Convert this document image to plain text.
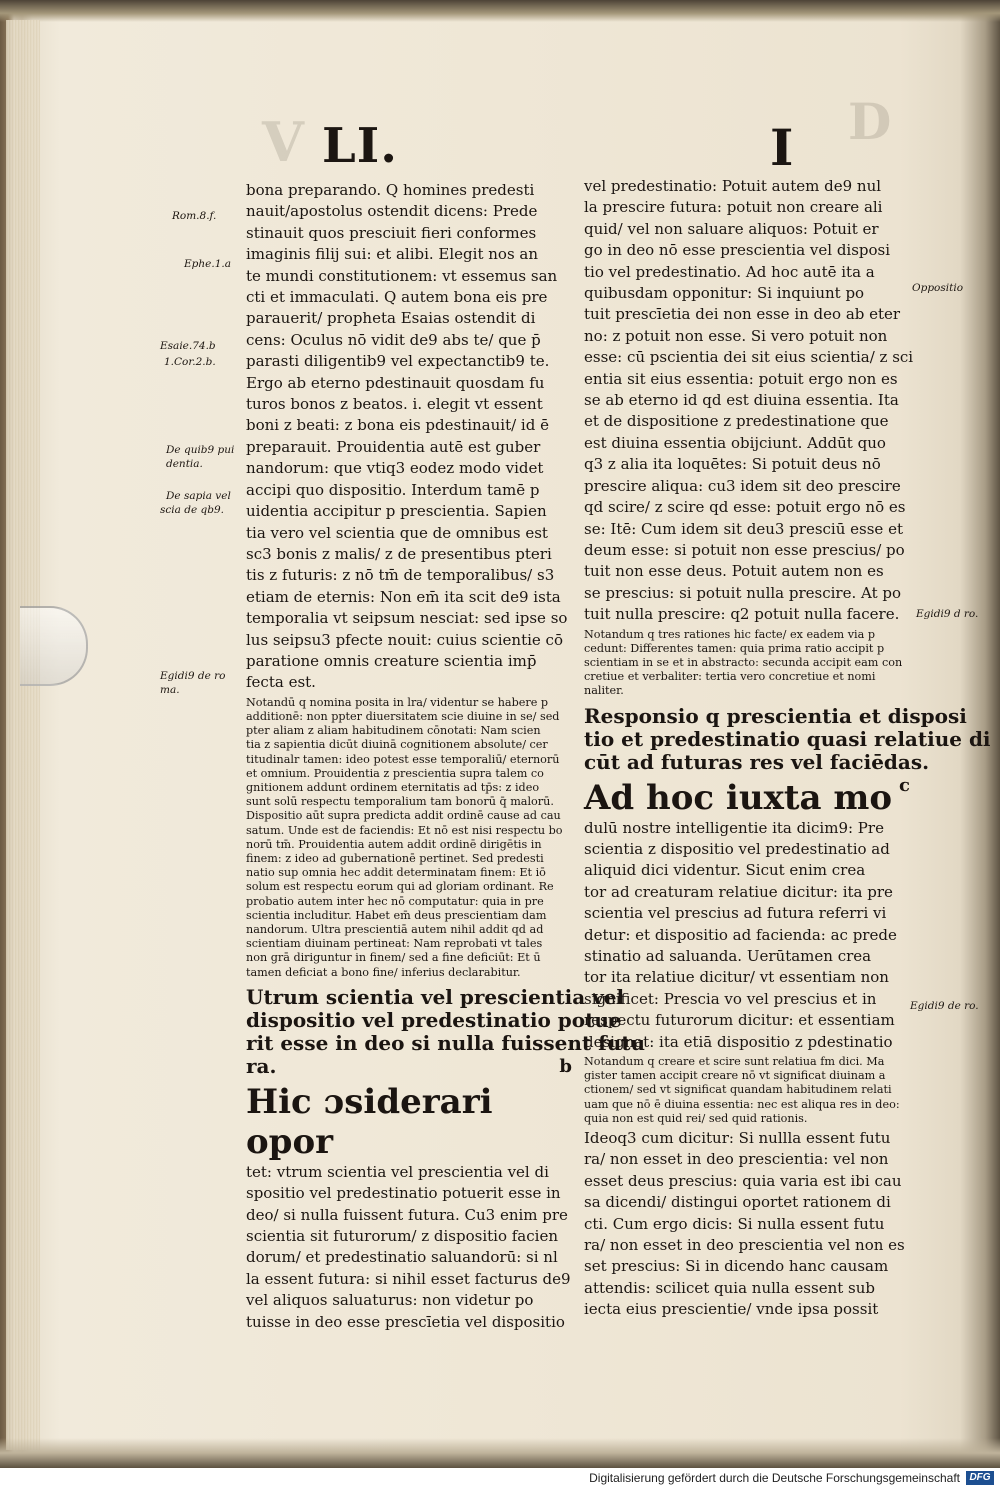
V	D
LI.	I
Rom.8.f.
Ephe.1.a
Esaie.74.b
1.Cor.2.b.
De quib9 pui
dentia.
De sapia vel
scia de qb9.
Egidi9 de ro
ma.
Oppositio
Egidi9 d ro.
Egidi9 de ro.
bona preparando. Q homines predesti
nauit/apostolus ostendit dicens: Prede
stinauit quos presciuit fieri conformes
imaginis filij sui: et alibi. Elegit nos an
te mundi constitutionem: vt essemus san
cti et immaculati. Q autem bona eis pre
parauerit/ propheta Esaias ostendit di
cens: Oculus nō vidit de9 abs te/ que p̄
parasti diligentib9 vel expectanctib9 te.
Ergo ab eterno pdestinauit quosdam fu
turos bonos z beatos. i. elegit vt essent
boni z beati: z bona eis pdestinauit/ id ē
preparauit. Prouidentia autē est guber
nandorum: que vtiq3 eodez modo videt
accipi quo dispositio. Interdum tamē p
uidentia accipitur p prescientia. Sapien
tia vero vel scientia que de omnibus est
sc3 bonis z malis/ z de presentibus pteri
tis z futuris: z nō tm̄ de temporalibus/ s3
etiam de eternis: Non em̄ ita scit de9 ista
temporalia vt seipsum nesciat: sed ipse so
lus seipsu3 pfecte nouit: cuius scientie cō
paratione omnis creature scientia imp̄
fecta est.
Notandū q nomina posita in lra/ videntur se habere p
additionē: non ppter diuersitatem scie diuine in se/ sed
pter aliam z aliam habitudinem cōnotati: Nam scien
tia z sapientia dicūt diuinā cognitionem absolute/ cer
titudinalr tamen: ideo potest esse temporaliū/ eternorū
et omnium. Prouidentia z prescientia supra talem co
gnitionem addunt ordinem eternitatis ad tp̄s: z ideo
sunt solū respectu temporalium tam bonorū q̄ malorū.
Dispositio aūt supra predicta addit ordinē cause ad cau
satum. Unde est de faciendis: Et nō est nisi respectu bo
norū tm̄. Prouidentia autem addit ordinē dirigētis in
finem: z ideo ad gubernationē pertinet. Sed predesti
natio sup omnia hec addit determinatam finem: Et iō
solum est respectu eorum qui ad gloriam ordinant. Re
probatio autem inter hec nō computatur: quia in pre
scientia includitur. Habet em̄ deus prescientiam dam
nandorum. Ultra prescientiā autem nihil addit qd ad
scientiam diuinam pertineat: Nam reprobati vt tales
non grā diriguntur in finem/ sed a fine deficiūt: Et ū
tamen deficiat a bono fine/ inferius declarabitur.
Utrum scientia vel prescientia vel
dispositio vel predestinatio potue
rit esse in deo si nulla fuissent futu
ra.	b
Hic ɔsiderari opor
tet: vtrum scientia vel prescientia vel di
spositio vel predestinatio potuerit esse in
deo/ si nulla fuissent futura. Cu3 enim pre
scientia sit futurorum/ z dispositio facien
dorum/ et predestinatio saluandorū: si nl
la essent futura: si nihil esset facturus de9
vel aliquos saluaturus: non videtur po
tuisse in deo esse prescīetia vel dispositio
vel predestinatio: Potuit autem de9 nul
la prescire futura: potuit non creare ali
quid/ vel non saluare aliquos: Potuit er
go in deo nō esse prescientia vel disposi
tio vel predestinatio. Ad hoc autē ita a
quibusdam opponitur: Si inquiunt po
tuit prescīetia dei non esse in deo ab eter
no: z potuit non esse. Si vero potuit non
esse: cū pscientia dei sit eius scientia/ z sci
entia sit eius essentia: potuit ergo non es
se ab eterno id qd est diuina essentia. Ita
et de dispositione z predestinatione que
est diuina essentia obijciunt. Addūt quo
q3 z alia ita loquētes: Si potuit deus nō
prescire aliqua: cu3 idem sit deo prescire
qd scire/ z scire qd esse: potuit ergo nō es
se: Itē: Cum idem sit deu3 presciū esse et
deum esse: si potuit non esse prescius/ po
tuit non esse deus. Potuit autem non es
se prescius: si potuit nulla prescire. At po
tuit nulla prescire: q2 potuit nulla facere.
Notandum q tres rationes hic facte/ ex eadem via p
cedunt: Differentes tamen: quia prima ratio accipit p
scientiam in se et in abstracto: secunda accipit eam con
cretiue et verbaliter: tertia vero concretiue et nomi
naliter.
Responsio q prescientia et disposi
tio et predestinatio quasi relatiue di
cūt ad futuras res vel faciēdas.
c
Ad hoc iuxta mo
dulū nostre intelligentie ita dicim9: Pre
scientia z dispositio vel predestinatio ad
aliquid dici videntur. Sicut enim crea
tor ad creaturam relatiue dicitur: ita pre
scientia vel prescius ad futura referri vi
detur: et dispositio ad facienda: ac prede
stinatio ad saluanda. Uerūtamen crea
tor ita relatiue dicitur/ vt essentiam non
significet: Prescia vo vel prescius et in
respectu futurorum dicitur: et essentiam
designat: ita etiā dispositio z pdestinatio
Notandum q creare et scire sunt relatiua fm dici. Ma
gister tamen accipit creare nō vt significat diuinam a
ctionem/ sed vt significat quandam habitudinem relati
uam que nō ē diuina essentia: nec est aliqua res in deo:
quia non est quid rei/ sed quid rationis.
Ideoq3 cum dicitur: Si nullla essent futu
ra/ non esset in deo prescientia: vel non
esset deus prescius: quia varia est ibi cau
sa dicendi/ distingui oportet rationem di
cti. Cum ergo dicis: Si nulla essent futu
ra/ non esset in deo prescientia vel non es
set prescius: Si in dicendo hanc causam
attendis: scilicet quia nulla essent sub
iecta eius prescientie/ vnde ipsa possit
Digitalisierung gefördert durch die Deutsche Forschungsgemeinschaft DFG
